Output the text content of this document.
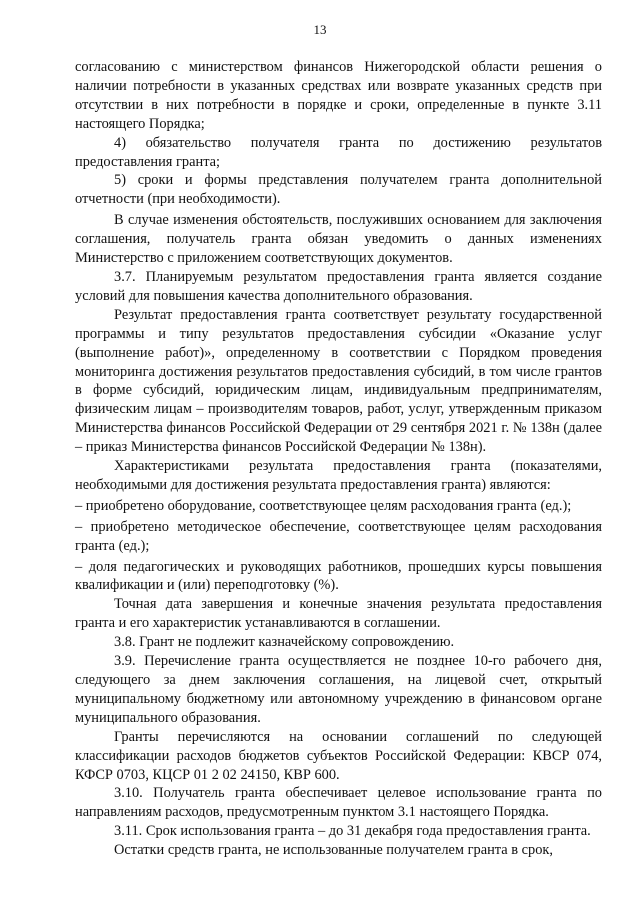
13

согласованию с министерством финансов Нижегородской области решения о наличии потребности в указанных средствах или возврате указанных средств при отсутствии в них потребности в порядке и сроки, определенные в пункте 3.11 настоящего Порядка;

4) обязательство получателя гранта по достижению результатов предоставления гранта;

5) сроки и формы представления получателем гранта дополнительной отчетности (при необходимости).

В случае изменения обстоятельств, послуживших основанием для заключения соглашения, получатель гранта обязан уведомить о данных изменениях Министерство с приложением соответствующих документов.

3.7. Планируемым результатом предоставления гранта является создание условий для повышения качества дополнительного образования.

Результат предоставления гранта соответствует результату государственной программы и типу результатов предоставления субсидии «Оказание услуг (выполнение работ)», определенному в соответствии с Порядком проведения мониторинга достижения результатов предоставления субсидий, в том числе грантов в форме субсидий, юридическим лицам, индивидуальным предпринимателям, физическим лицам – производителям товаров, работ, услуг, утвержденным приказом Министерства финансов Российской Федерации от 29 сентября 2021 г. № 138н (далее – приказ Министерства финансов Российской Федерации № 138н).

Характеристиками результата предоставления гранта (показателями, необходимыми для достижения результата предоставления гранта) являются:

– приобретено оборудование, соответствующее целям расходования гранта (ед.);

– приобретено методическое обеспечение, соответствующее целям расходования гранта (ед.);

– доля педагогических и руководящих работников, прошедших курсы повышения квалификации и (или) переподготовку (%).

Точная дата завершения и конечные значения результата предоставления гранта и его характеристик устанавливаются в соглашении.

3.8. Грант не подлежит казначейскому сопровождению.

3.9. Перечисление гранта осуществляется не позднее 10-го рабочего дня, следующего за днем заключения соглашения, на лицевой счет, открытый муниципальному бюджетному или автономному учреждению в финансовом органе муниципального образования.

Гранты перечисляются на основании соглашений по следующей классификации расходов бюджетов субъектов Российской Федерации: КВСР 074, КФСР 0703, КЦСР 01 2 02 24150, КВР 600.

3.10. Получатель гранта обеспечивает целевое использование гранта по направлениям расходов, предусмотренным пунктом 3.1 настоящего Порядка.

3.11. Срок использования гранта – до 31 декабря года предоставления гранта.

Остатки средств гранта, не использованные получателем гранта в срок,
